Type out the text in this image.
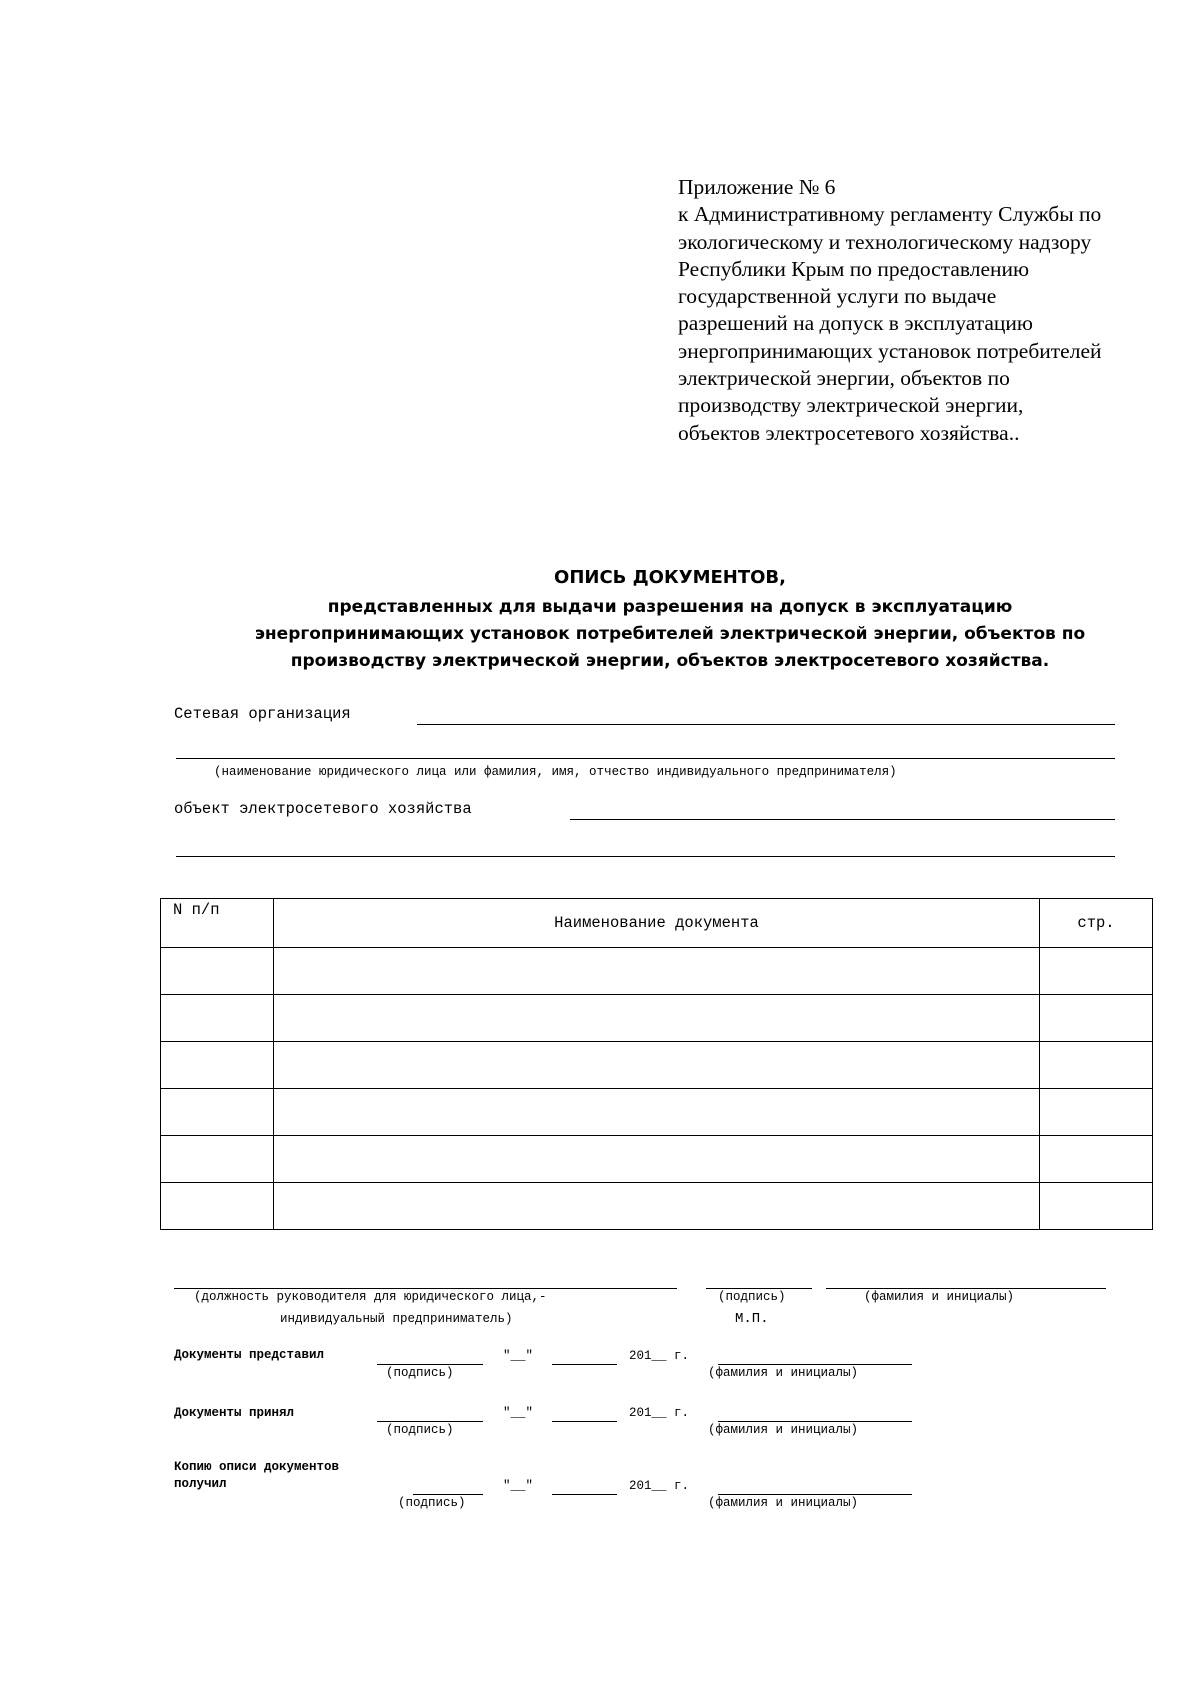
Приложение № 6
к Административному регламенту Службы по
экологическому и технологическому надзору
Республики Крым по предоставлению
государственной услуги по выдаче
разрешений на допуск в эксплуатацию
энергопринимающих установок потребителей
электрической энергии, объектов по
производству электрической энергии,
объектов электросетевого хозяйства..
ОПИСЬ ДОКУМЕНТОВ,
представленных для выдачи разрешения на допуск в эксплуатацию
энергопринимающих установок потребителей электрической энергии, объектов по
производству электрической энергии, объектов электросетевого хозяйства.
Сетевая организация
(наименование юридического лица или фамилия, имя, отчество индивидуального предпринимателя)
объект электросетевого хозяйства
N п/п	Наименование документа	стр.

(должность руководителя для юридического лица,-
индивидуальный предприниматель)
(подпись)	(фамилия и инициалы)
М.П.
Документы представил	"__"	201__ г.
(подпись)	(фамилия и инициалы)
Документы принял	"__"	201__ г.
(подпись)	(фамилия и инициалы)
Копию описи документов
получил	"__"	201__ г.
(подпись)	(фамилия и инициалы)
